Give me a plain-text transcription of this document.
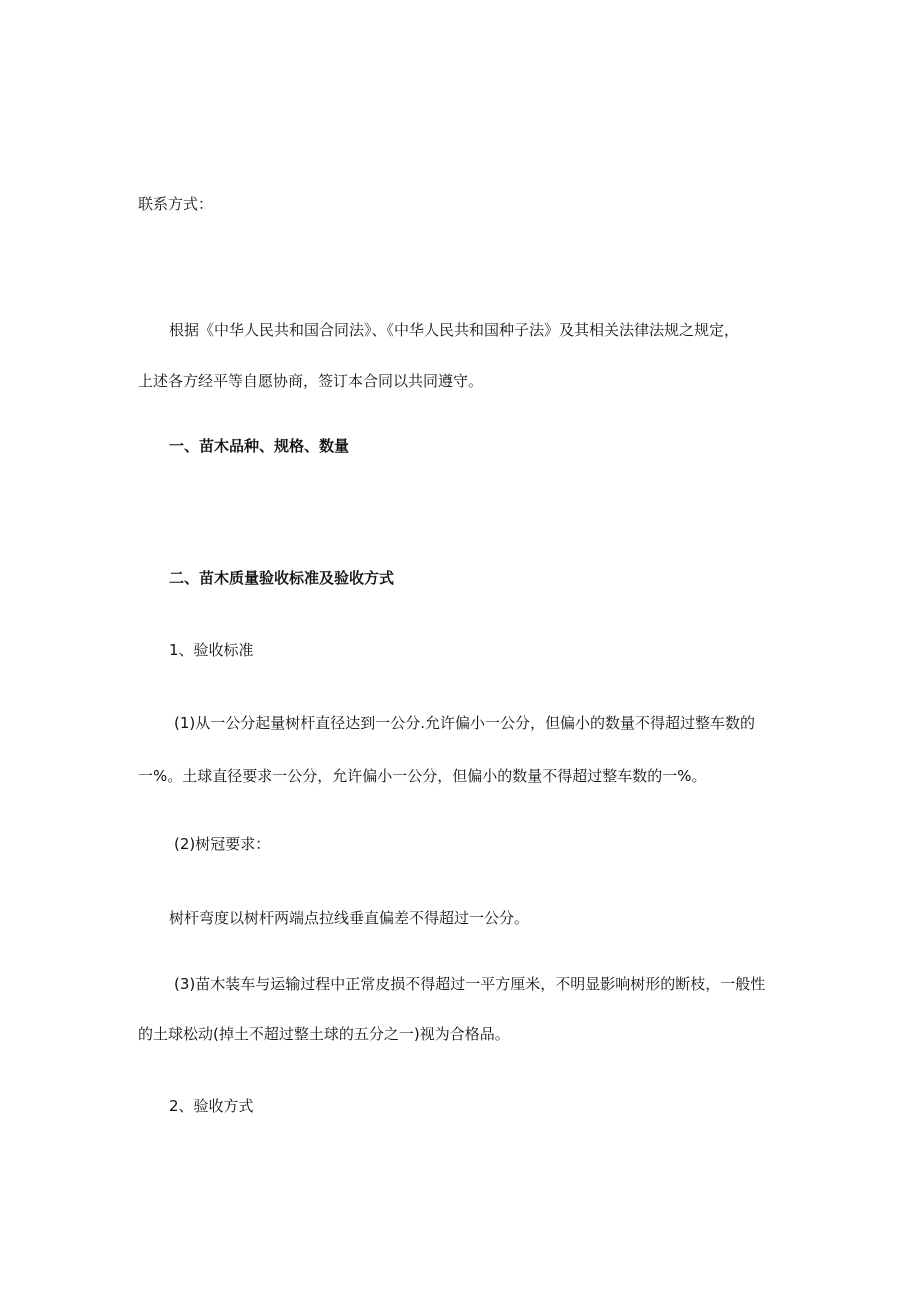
联系方式：

根据《中华人民共和国合同法》、《中华人民共和国种子法》及其相关法律法规之规定，

上述各方经平等自愿协商，签订本合同以共同遵守。

一、苗木品种、规格、数量

二、苗木质量验收标准及验收方式

1、验收标准

(1)从一公分起量树杆直径达到一公分.允许偏小一公分，但偏小的数量不得超过整车数的

一%。土球直径要求一公分，允许偏小一公分，但偏小的数量不得超过整车数的一%。

(2)树冠要求：

树杆弯度以树杆两端点拉线垂直偏差不得超过一公分。

(3)苗木装车与运输过程中正常皮损不得超过一平方厘米，不明显影响树形的断枝，一般性

的土球松动(掉土不超过整土球的五分之一)视为合格品。

2、验收方式
